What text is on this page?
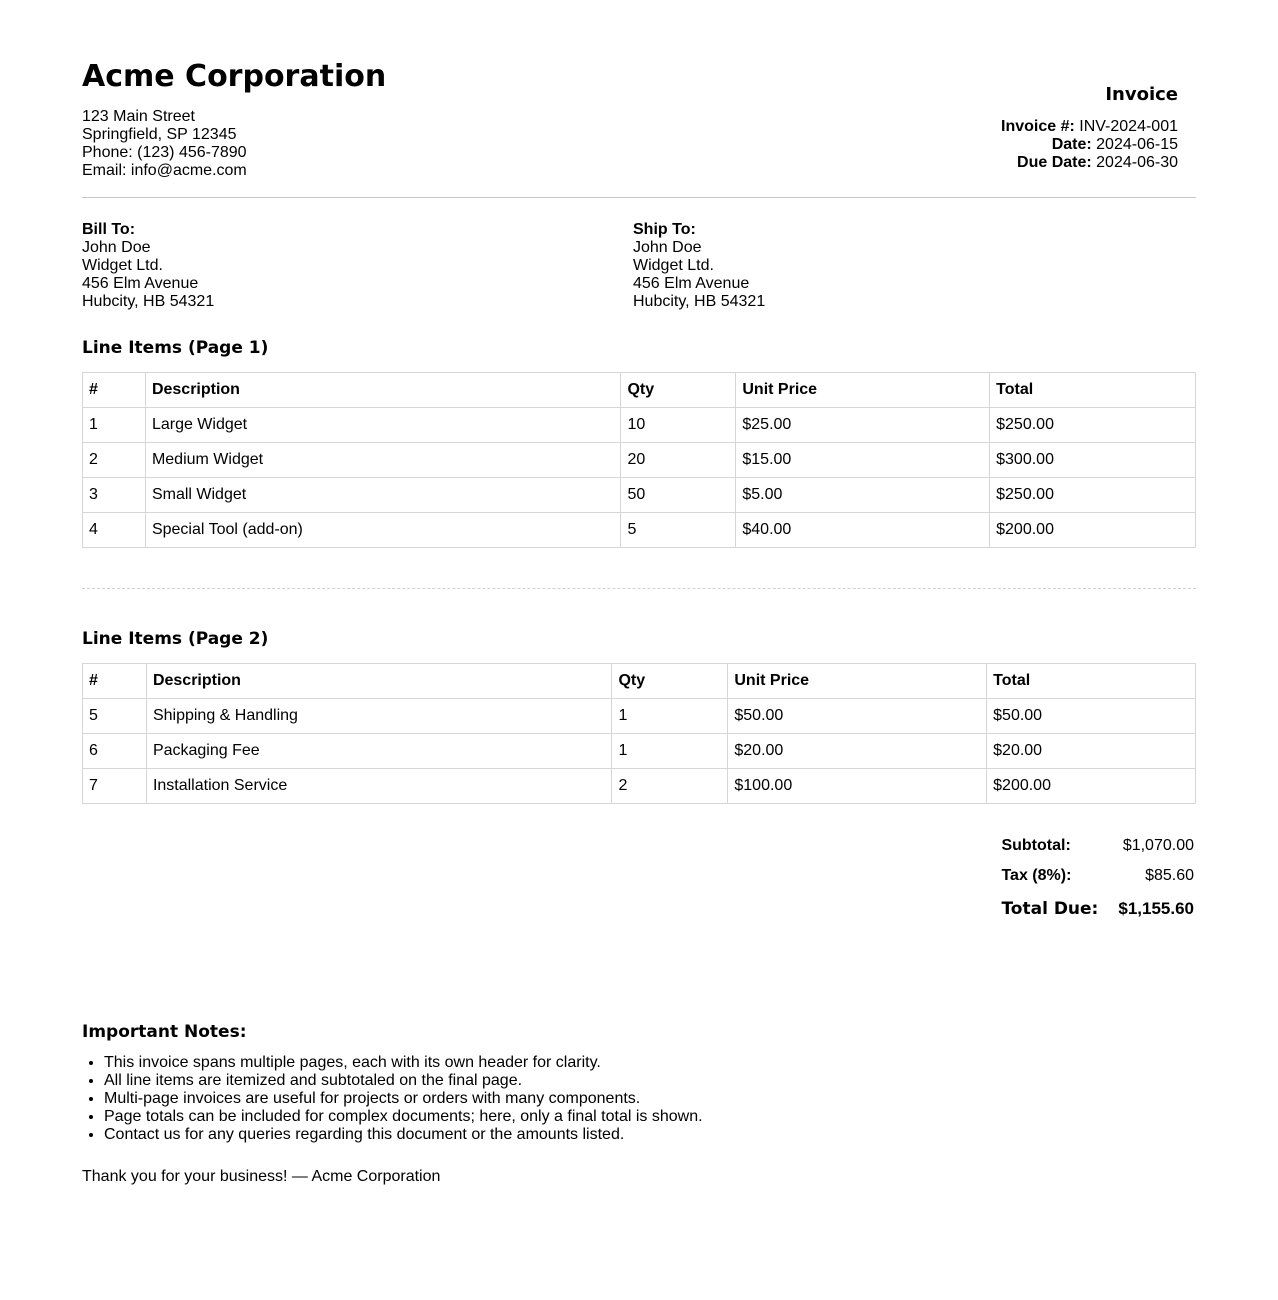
Acme Corporation
123 Main Street
Springfield, SP 12345
Phone: (123) 456-7890
Email: info@acme.com
Invoice
Invoice #: INV-2024-001
Date: 2024-06-15
Due Date: 2024-06-30
Bill To:
John Doe
Widget Ltd.
456 Elm Avenue
Hubcity, HB 54321
Ship To:
John Doe
Widget Ltd.
456 Elm Avenue
Hubcity, HB 54321
Line Items (Page 1)
#	Description	Qty	Unit Price	Total
1	Large Widget	10	$25.00	$250.00
2	Medium Widget	20	$15.00	$300.00
3	Small Widget	50	$5.00	$250.00
4	Special Tool (add-on)	5	$40.00	$200.00
Line Items (Page 2)
#	Description	Qty	Unit Price	Total
5	Shipping & Handling	1	$50.00	$50.00
6	Packaging Fee	1	$20.00	$20.00
7	Installation Service	2	$100.00	$200.00
Subtotal:	$1,070.00
Tax (8%):	$85.60
Total Due:	$1,155.60
Important Notes:
• This invoice spans multiple pages, each with its own header for clarity.
• All line items are itemized and subtotaled on the final page.
• Multi-page invoices are useful for projects or orders with many components.
• Page totals can be included for complex documents; here, only a final total is shown.
• Contact us for any queries regarding this document or the amounts listed.
Thank you for your business! — Acme Corporation
